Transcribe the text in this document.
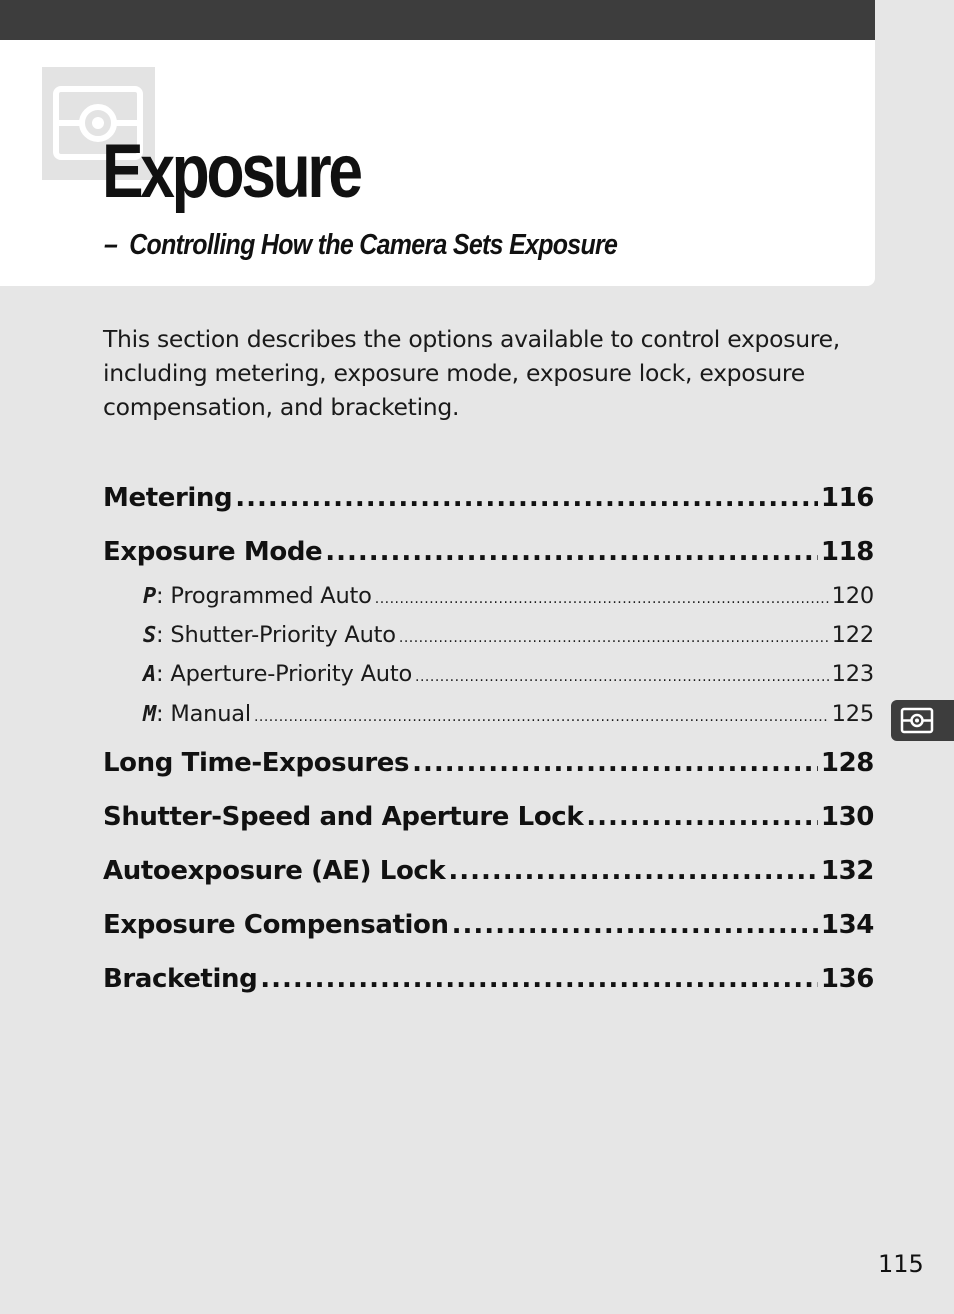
Exposure
– Controlling How the Camera Sets Exposure

This section describes the options available to control exposure, including metering, exposure mode, exposure lock, exposure compensation, and bracketing.

Metering .....	116
Exposure Mode .....	118
P: Programmed Auto .....	120
S: Shutter-Priority Auto .....	122
A: Aperture-Priority Auto .....	123
M: Manual .....	125
Long Time-Exposures .....	128
Shutter-Speed and Aperture Lock .....	130
Autoexposure (AE) Lock .....	132
Exposure Compensation .....	134
Bracketing .....	136
115
